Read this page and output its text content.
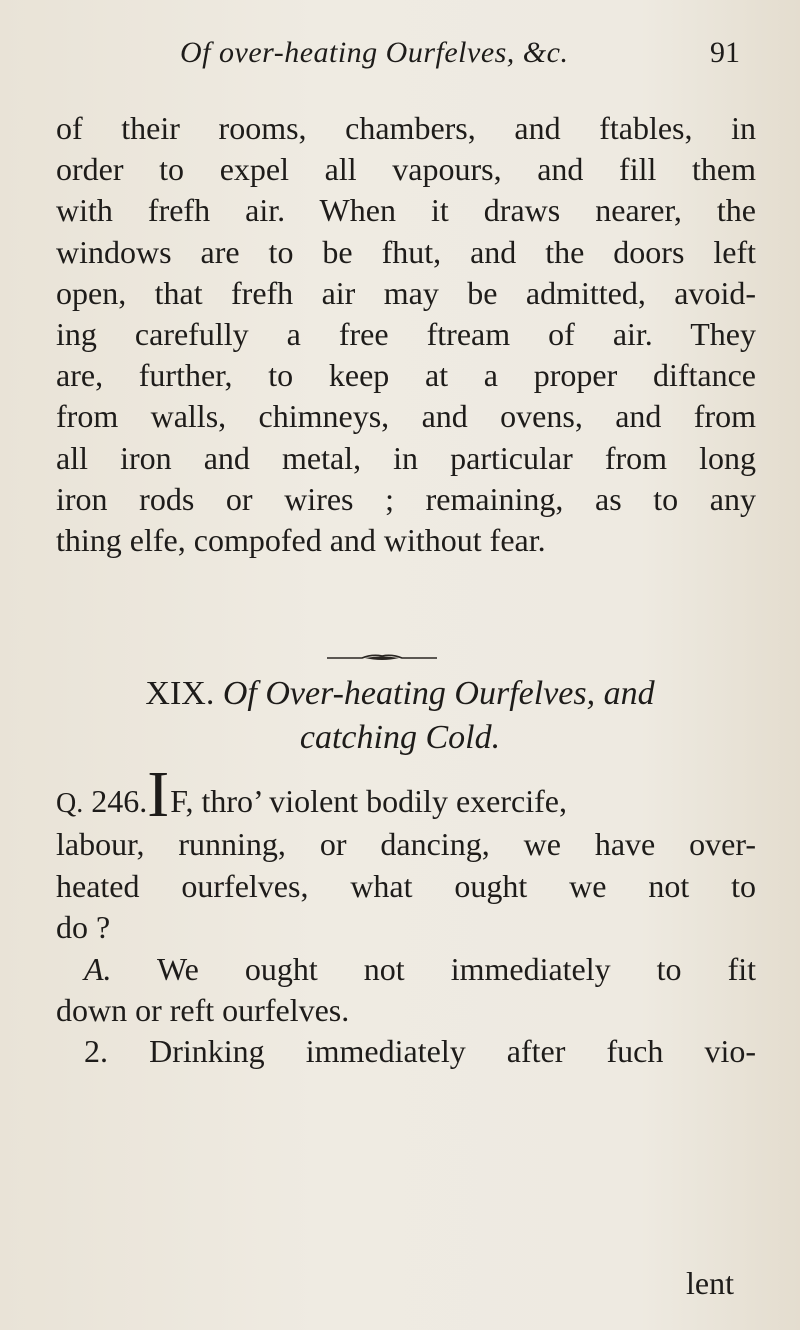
Of over-heating Ourfelves, &c.	91

of their rooms, chambers, and ftables, in
order to expel all vapours, and fill them
with frefh air. When it draws nearer, the
windows are to be fhut, and the doors left
open, that frefh air may be admitted, avoid-
ing carefully a free ftream of air. They
are, further, to keep at a proper diftance
from walls, chimneys, and ovens, and from
all iron and metal, in particular from long
iron rods or wires ; remaining, as to any
thing elfe, compofed and without fear.

XIX. Of Over-heating Ourfelves, and
catching Cold.
Q. 246.IF, thro’ violent bodily exercife,
labour, running, or dancing, we have over-
heated ourfelves, what ought we not to
do ?
A. We ought not immediately to fit
down or reft ourfelves.
2. Drinking immediately after fuch vio-
lent
